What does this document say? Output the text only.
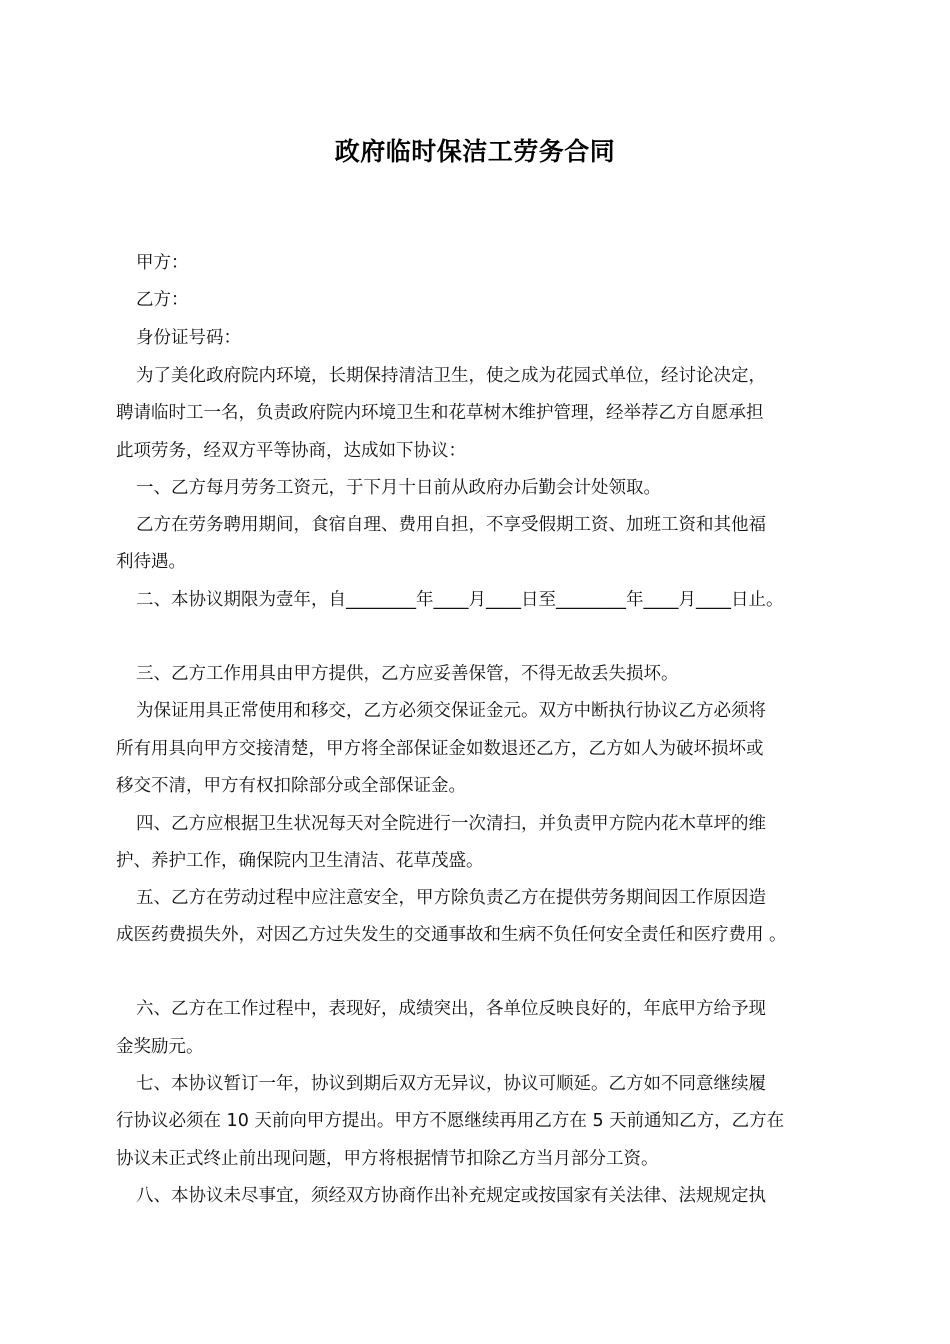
政府临时保洁工劳务合同
甲方：
乙方：
身份证号码：
为了美化政府院内环境，长期保持清洁卫生，使之成为花园式单位，经讨论决定，
聘请临时工一名，负责政府院内环境卫生和花草树木维护管理，经举荐乙方自愿承担
此项劳务，经双方平等协商，达成如下协议：
一、乙方每月劳务工资元，于下月十日前从政府办后勤会计处领取。
乙方在劳务聘用期间，食宿自理、费用自担，不享受假期工资、加班工资和其他福
利待遇。
二、本协议期限为壹年，自________年____月____日至________年____月____日止。
三、乙方工作用具由甲方提供，乙方应妥善保管，不得无故丢失损坏。
为保证用具正常使用和移交，乙方必须交保证金元。双方中断执行协议乙方必须将
所有用具向甲方交接清楚，甲方将全部保证金如数退还乙方，乙方如人为破坏损坏或
移交不清，甲方有权扣除部分或全部保证金。
四、乙方应根据卫生状况每天对全院进行一次清扫，并负责甲方院内花木草坪的维
护、养护工作，确保院内卫生清洁、花草茂盛。
五、乙方在劳动过程中应注意安全，甲方除负责乙方在提供劳务期间因工作原因造
成医药费损失外，对因乙方过失发生的交通事故和生病不负任何安全责任和医疗费用 。
六、乙方在工作过程中，表现好，成绩突出，各单位反映良好的，年底甲方给予现
金奖励元。
七、本协议暂订一年，协议到期后双方无异议，协议可顺延。乙方如不同意继续履
行协议必须在 10 天前向甲方提出。甲方不愿继续再用乙方在 5 天前通知乙方，乙方在
协议未正式终止前出现问题，甲方将根据情节扣除乙方当月部分工资。
八、本协议未尽事宜，须经双方协商作出补充规定或按国家有关法律、法规规定执
